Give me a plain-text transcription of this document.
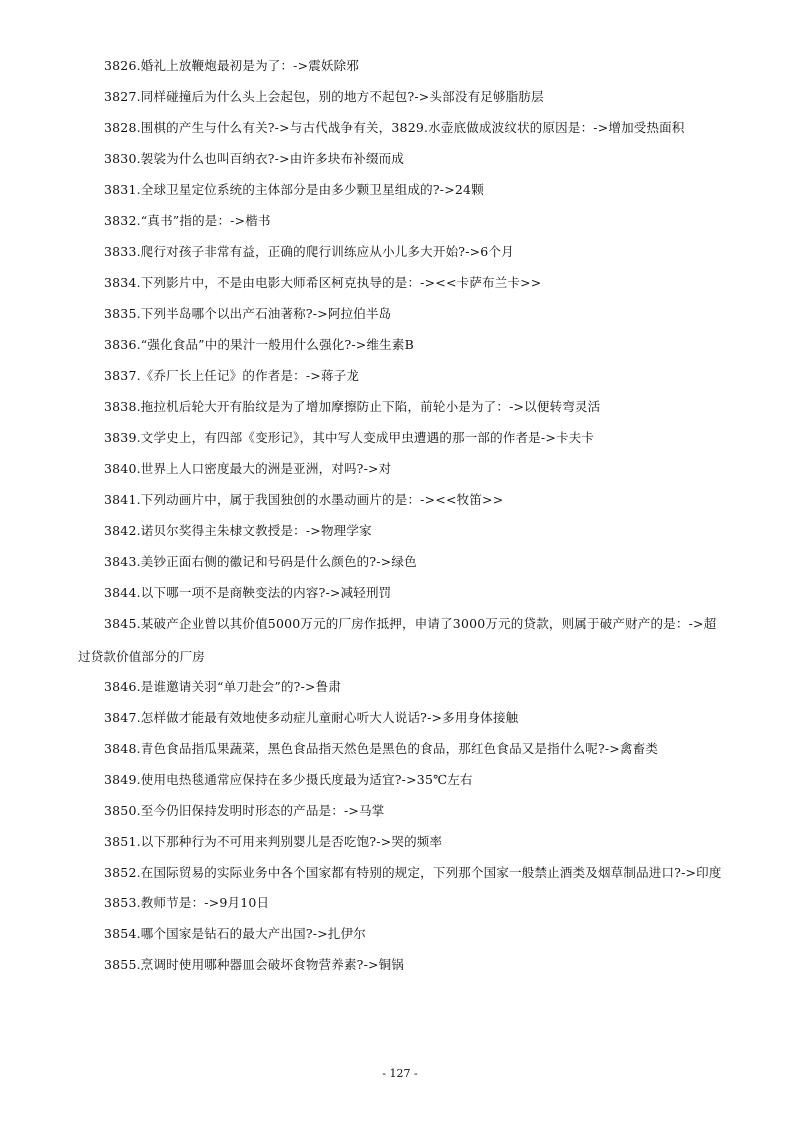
3826.婚礼上放鞭炮最初是为了：->震妖除邪

3827.同样碰撞后为什么头上会起包，别的地方不起包?->头部没有足够脂肪层

3828.围棋的产生与什么有关?->与古代战争有关，3829.水壶底做成波纹状的原因是：->增加受热面积

3830.袈裟为什么也叫百纳衣?->由许多块布补缀而成

3831.全球卫星定位系统的主体部分是由多少颗卫星组成的?->24颗

3832.“真书”指的是：->楷书

3833.爬行对孩子非常有益，正确的爬行训练应从小儿多大开始?->6个月

3834.下列影片中，不是由电影大师希区柯克执导的是：-><<卡萨布兰卡>>

3835.下列半岛哪个以出产石油著称?->阿拉伯半岛

3836.“强化食品”中的果汁一般用什么强化?->维生素B

3837.《乔厂长上任记》的作者是：->蒋子龙

3838.拖拉机后轮大开有胎纹是为了增加摩擦防止下陷，前轮小是为了：->以便转弯灵活

3839.文学史上，有四部《变形记》，其中写人变成甲虫遭遇的那一部的作者是->卡夫卡

3840.世界上人口密度最大的洲是亚洲，对吗?->对

3841.下列动画片中，属于我国独创的水墨动画片的是：-><<牧笛>>

3842.诺贝尔奖得主朱棣文教授是：->物理学家

3843.美钞正面右侧的徽记和号码是什么颜色的?->绿色

3844.以下哪一项不是商鞅变法的内容?->减轻刑罚

3845.某破产企业曾以其价值5000万元的厂房作抵押，申请了3000万元的贷款，则属于破产财产的是：->超过贷款价值部分的厂房

3846.是谁邀请关羽“单刀赴会”的?->鲁肃

3847.怎样做才能最有效地使多动症儿童耐心听大人说话?->多用身体接触

3848.青色食品指瓜果蔬菜，黑色食品指天然色是黑色的食品，那红色食品又是指什么呢?->禽畜类

3849.使用电热毯通常应保持在多少摄氏度最为适宜?->35℃左右

3850.至今仍旧保持发明时形态的产品是：->马掌

3851.以下那种行为不可用来判别婴儿是否吃饱?->哭的频率

3852.在国际贸易的实际业务中各个国家都有特别的规定，下列那个国家一般禁止酒类及烟草制品进口?->印度

3853.教师节是：->9月10日

3854.哪个国家是钻石的最大产出国?->扎伊尔

3855.烹调时使用哪种器皿会破坏食物营养素?->铜锅

- 127 -
